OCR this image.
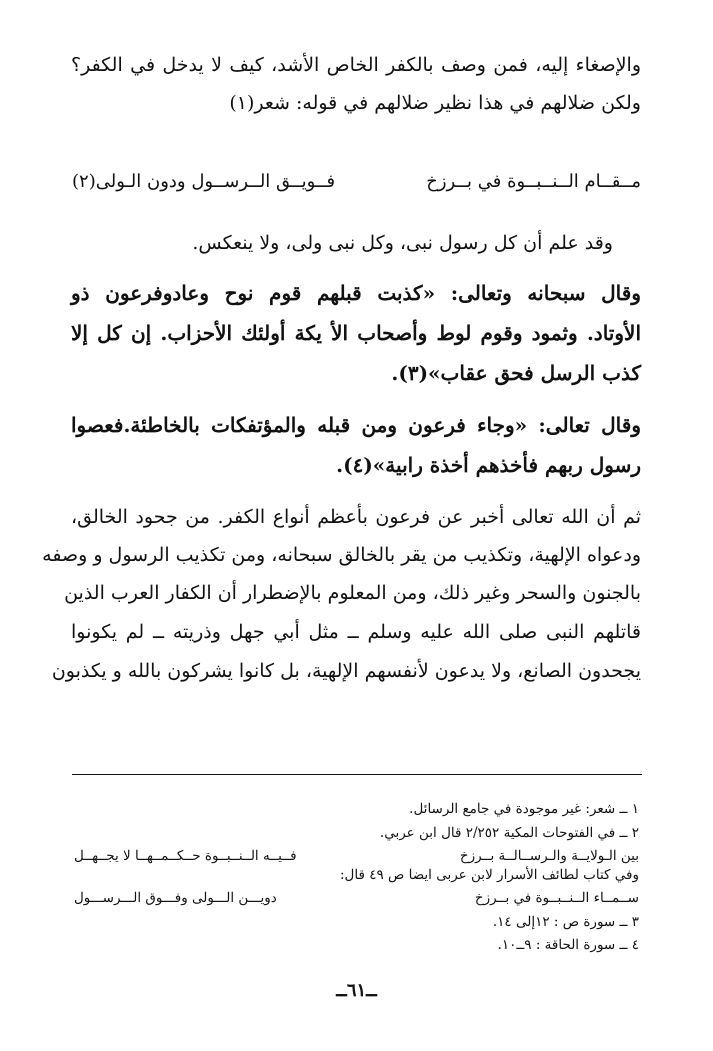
والإصغاء إليه، فمن وصف بالكفر الخاص الأشد، كيف لا يدخل في الكفر؟
ولكن ضلالهم في هذا نظير ضلالهم في قوله: شعر(١)
مــقــام الــنــبــوة في بــرزخ
فــويــق الــرســول ودون الـولى(٢)
وقد علم أن كل رسول نبى، وكل نبى ولى، ولا ينعكس.
وقال سبحانه وتعالى: «كذبت قبلهم قوم نوح وعادوفرعون ذو
الأوتاد. وثمود وقوم لوط وأصحاب الأ يكة أولئك الأحزاب. إن كل إلا
كذب الرسل فحق عقاب»(٣).
وقال تعالى: «وجاء فرعون ومن قبله والمؤتفكات بالخاطئة.فعصوا
رسول ربهم فأخذهم أخذة رابية»(٤).
ثم أن الله تعالى أخبر عن فرعون بأعظم أنواع الكفر. من جحود الخالق،
ودعواه الإلهية، وتكذيب من يقر بالخالق سبحانه، ومن تكذيب الرسول و وصفه
بالجنون والسحر وغير ذلك، ومن المعلوم بالإضطرار أن الكفار العرب الذين
قاتلهم النبى صلى الله عليه وسلم ــ مثل أبي جهل وذريته ــ لم يكونوا
يجحدون الصانع، ولا يدعون لأنفسهم الإلهية، بل كانوا يشركون بالله و يكذبون
١ ــ شعر: غير موجودة في جامع الرسائل.
٢ ــ في الفتوحات المكية ٢/٢٥٢ قال ابن عربي.
بين الـولايــة والـرســالــة بــرزخ
فــيــه الــنــبــوة حــكــمــهــا لا يجــهــل
وفي كتاب لطائف الأسرار لابن عربى ايضا ص ٤٩ قال:
ســمــاء الــنــبــوة في بــرزخ
دويـــن الـــولى وفـــوق الـــرســـول
٣ ــ سورة ص : ١٢إلى ١٤.
٤ ــ سورة الحاقة : ٩ــ١٠.
ــ٦١ــ
